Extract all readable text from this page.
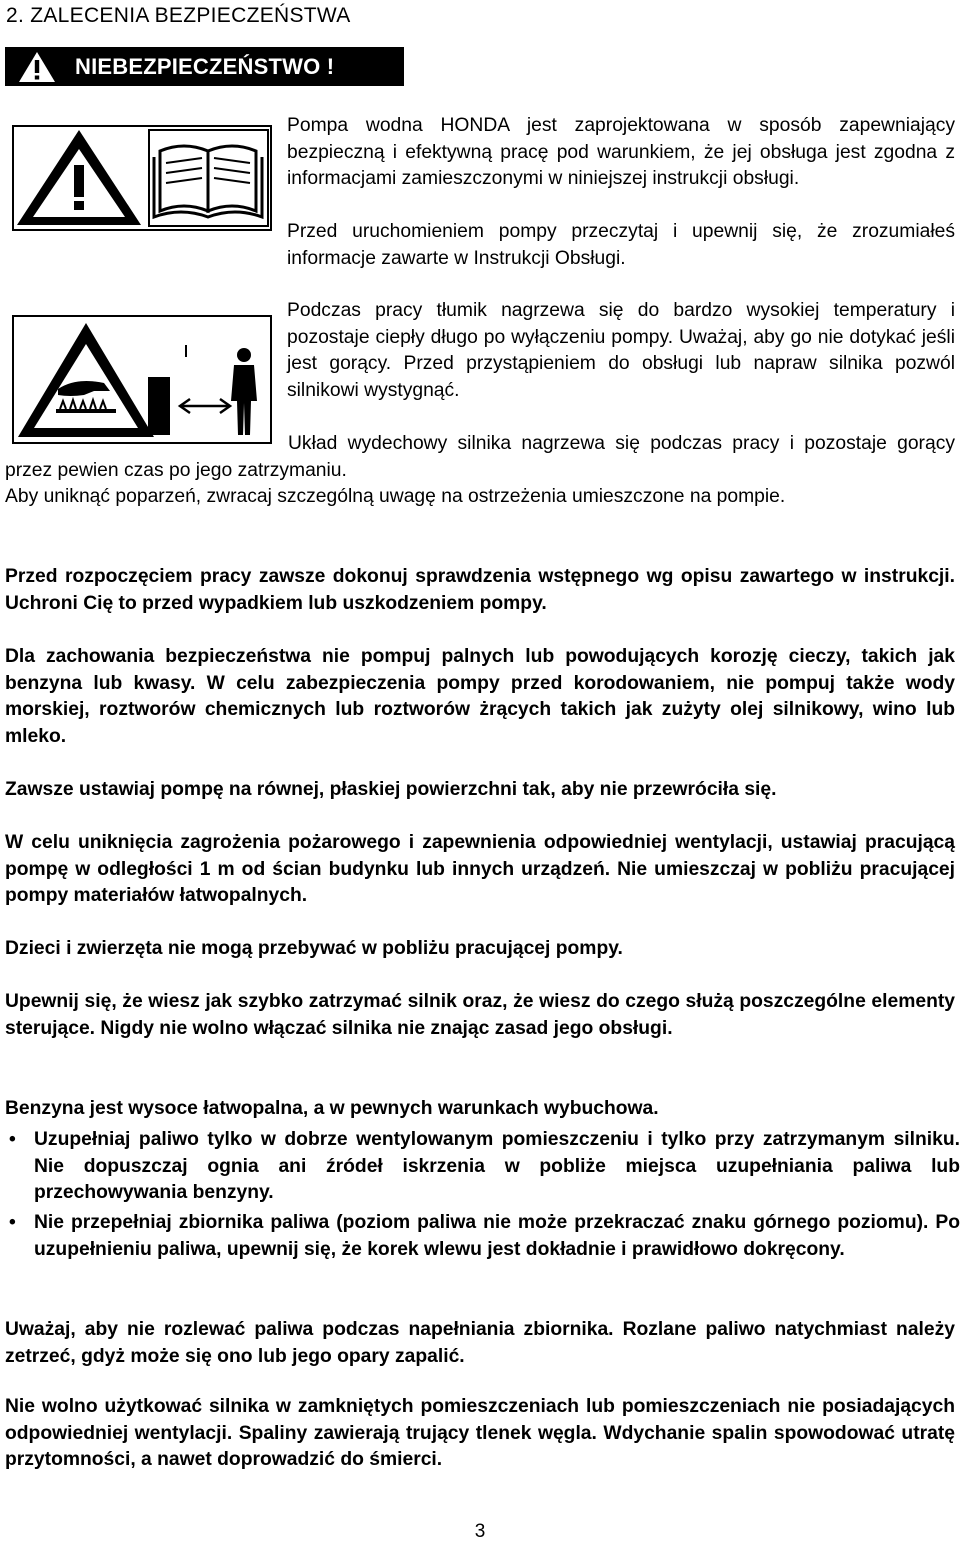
2. ZALECENIA BEZPIECZEŃSTWA
NIEBEZPIECZEŃSTWO !
Pompa wodna HONDA jest zaprojektowana w sposób zapewniający bezpieczną i efektywną pracę pod warunkiem, że jej obsługa jest zgodna z informacjami zamieszczonymi w niniejszej instrukcji obsługi.
Przed uruchomieniem pompy przeczytaj i upewnij się, że zrozumiałeś informacje zawarte w Instrukcji Obsługi.
Podczas pracy tłumik nagrzewa się do bardzo wysokiej temperatury i pozostaje ciepły długo po wyłączeniu pompy. Uważaj, aby go nie dotykać jeśli jest gorący. Przed przystąpieniem do obsługi lub napraw silnika pozwól silnikowi wystygnąć.
Układ wydechowy silnika nagrzewa się podczas pracy i pozostaje gorący przez pewien czas po jego zatrzymaniu.
Aby uniknąć poparzeń, zwracaj szczególną uwagę na ostrzeżenia umieszczone na pompie.
Przed rozpoczęciem pracy zawsze dokonuj sprawdzenia wstępnego wg opisu zawartego w instrukcji. Uchroni Cię to przed wypadkiem lub uszkodzeniem pompy.
Dla zachowania bezpieczeństwa nie pompuj palnych lub powodujących korozję cieczy, takich jak benzyna lub kwasy. W celu zabezpieczenia pompy przed korodowaniem, nie pompuj także wody morskiej, roztworów chemicznych lub roztworów żrących takich jak zużyty olej silnikowy, wino lub mleko.
Zawsze ustawiaj pompę na równej, płaskiej powierzchni tak, aby nie przewróciła się.
W celu uniknięcia zagrożenia pożarowego i zapewnienia odpowiedniej wentylacji, ustawiaj pracującą pompę w odległości 1 m od ścian budynku lub innych urządzeń. Nie umieszczaj w pobliżu pracującej pompy materiałów łatwopalnych.
Dzieci i zwierzęta nie mogą przebywać w pobliżu pracującej pompy.
Upewnij się, że wiesz jak szybko zatrzymać silnik oraz, że wiesz do czego służą poszczególne elementy sterujące. Nigdy nie wolno włączać silnika nie znając zasad jego obsługi.
Benzyna jest wysoce łatwopalna, a w pewnych warunkach wybuchowa.
• Uzupełniaj paliwo tylko w dobrze wentylowanym pomieszczeniu i tylko przy zatrzymanym silniku. Nie dopuszczaj ognia ani źródeł iskrzenia w pobliże miejsca uzupełniania paliwa lub przechowywania benzyny.
• Nie przepełniaj zbiornika paliwa (poziom paliwa nie może przekraczać znaku górnego poziomu). Po uzupełnieniu paliwa, upewnij się, że korek wlewu jest dokładnie i prawidłowo dokręcony.
Uważaj, aby nie rozlewać paliwa podczas napełniania zbiornika. Rozlane paliwo natychmiast należy zetrzeć, gdyż może się ono lub jego opary zapalić.
Nie wolno użytkować silnika w zamkniętych pomieszczeniach lub pomieszczeniach nie posiadających odpowiedniej wentylacji. Spaliny zawierają trujący tlenek węgla. Wdychanie spalin spowodować utratę przytomności, a nawet doprowadzić do śmierci.
3
